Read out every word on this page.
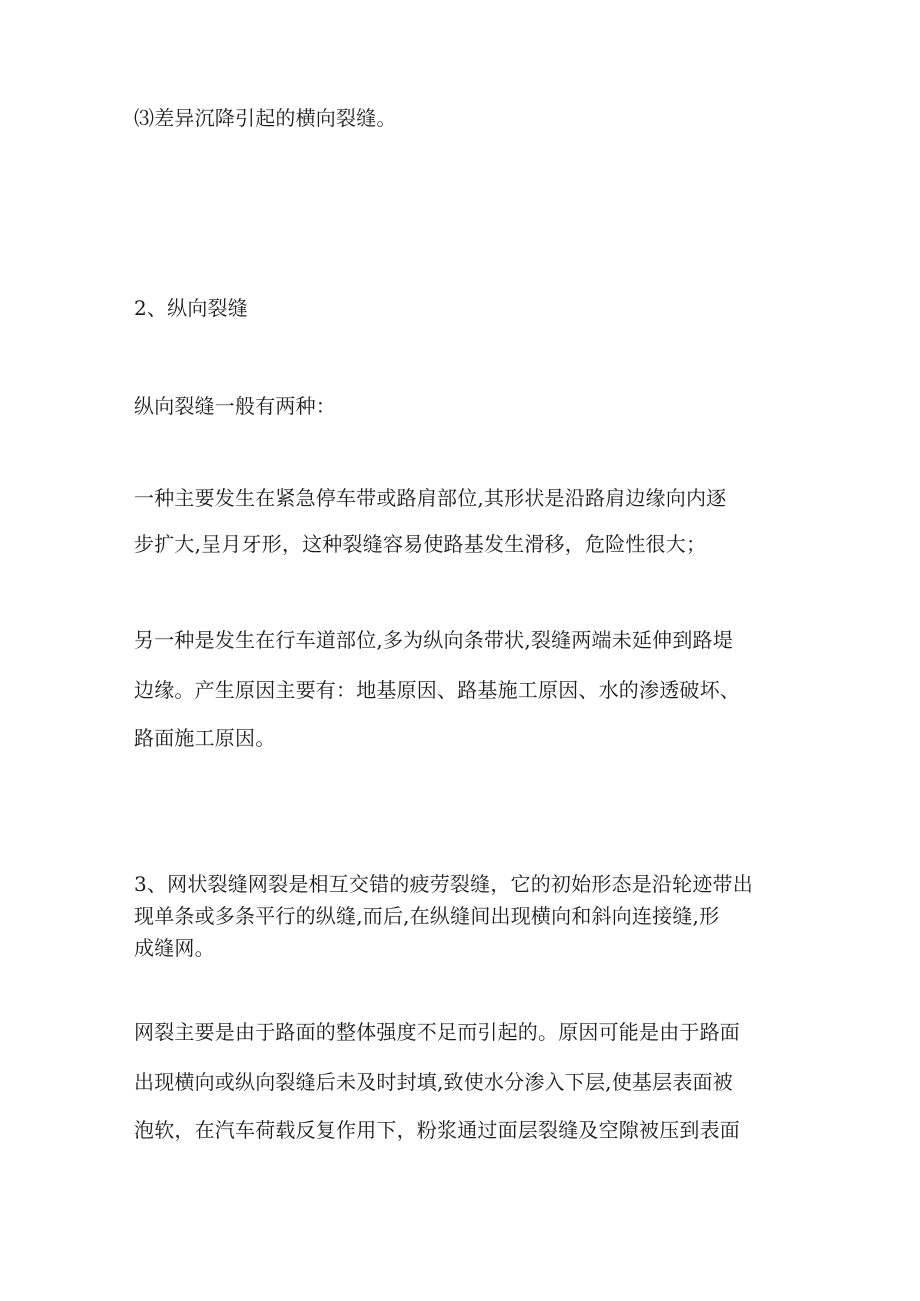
⑶差异沉降引起的横向裂缝。
2、纵向裂缝
纵向裂缝一般有两种：
一种主要发生在紧急停车带或路肩部位,其形状是沿路肩边缘向内逐
步扩大,呈月牙形，这种裂缝容易使路基发生滑移，危险性很大；
另一种是发生在行车道部位,多为纵向条带状,裂缝两端未延伸到路堤
边缘。产生原因主要有：地基原因、路基施工原因、水的渗透破坏、
路面施工原因。
3、网状裂缝网裂是相互交错的疲劳裂缝，它的初始形态是沿轮迹带出
现单条或多条平行的纵缝,而后,在纵缝间出现横向和斜向连接缝,形
成缝网。
网裂主要是由于路面的整体强度不足而引起的。原因可能是由于路面
出现横向或纵向裂缝后未及时封填,致使水分渗入下层,使基层表面被
泡软，在汽车荷载反复作用下，粉浆通过面层裂缝及空隙被压到表面
